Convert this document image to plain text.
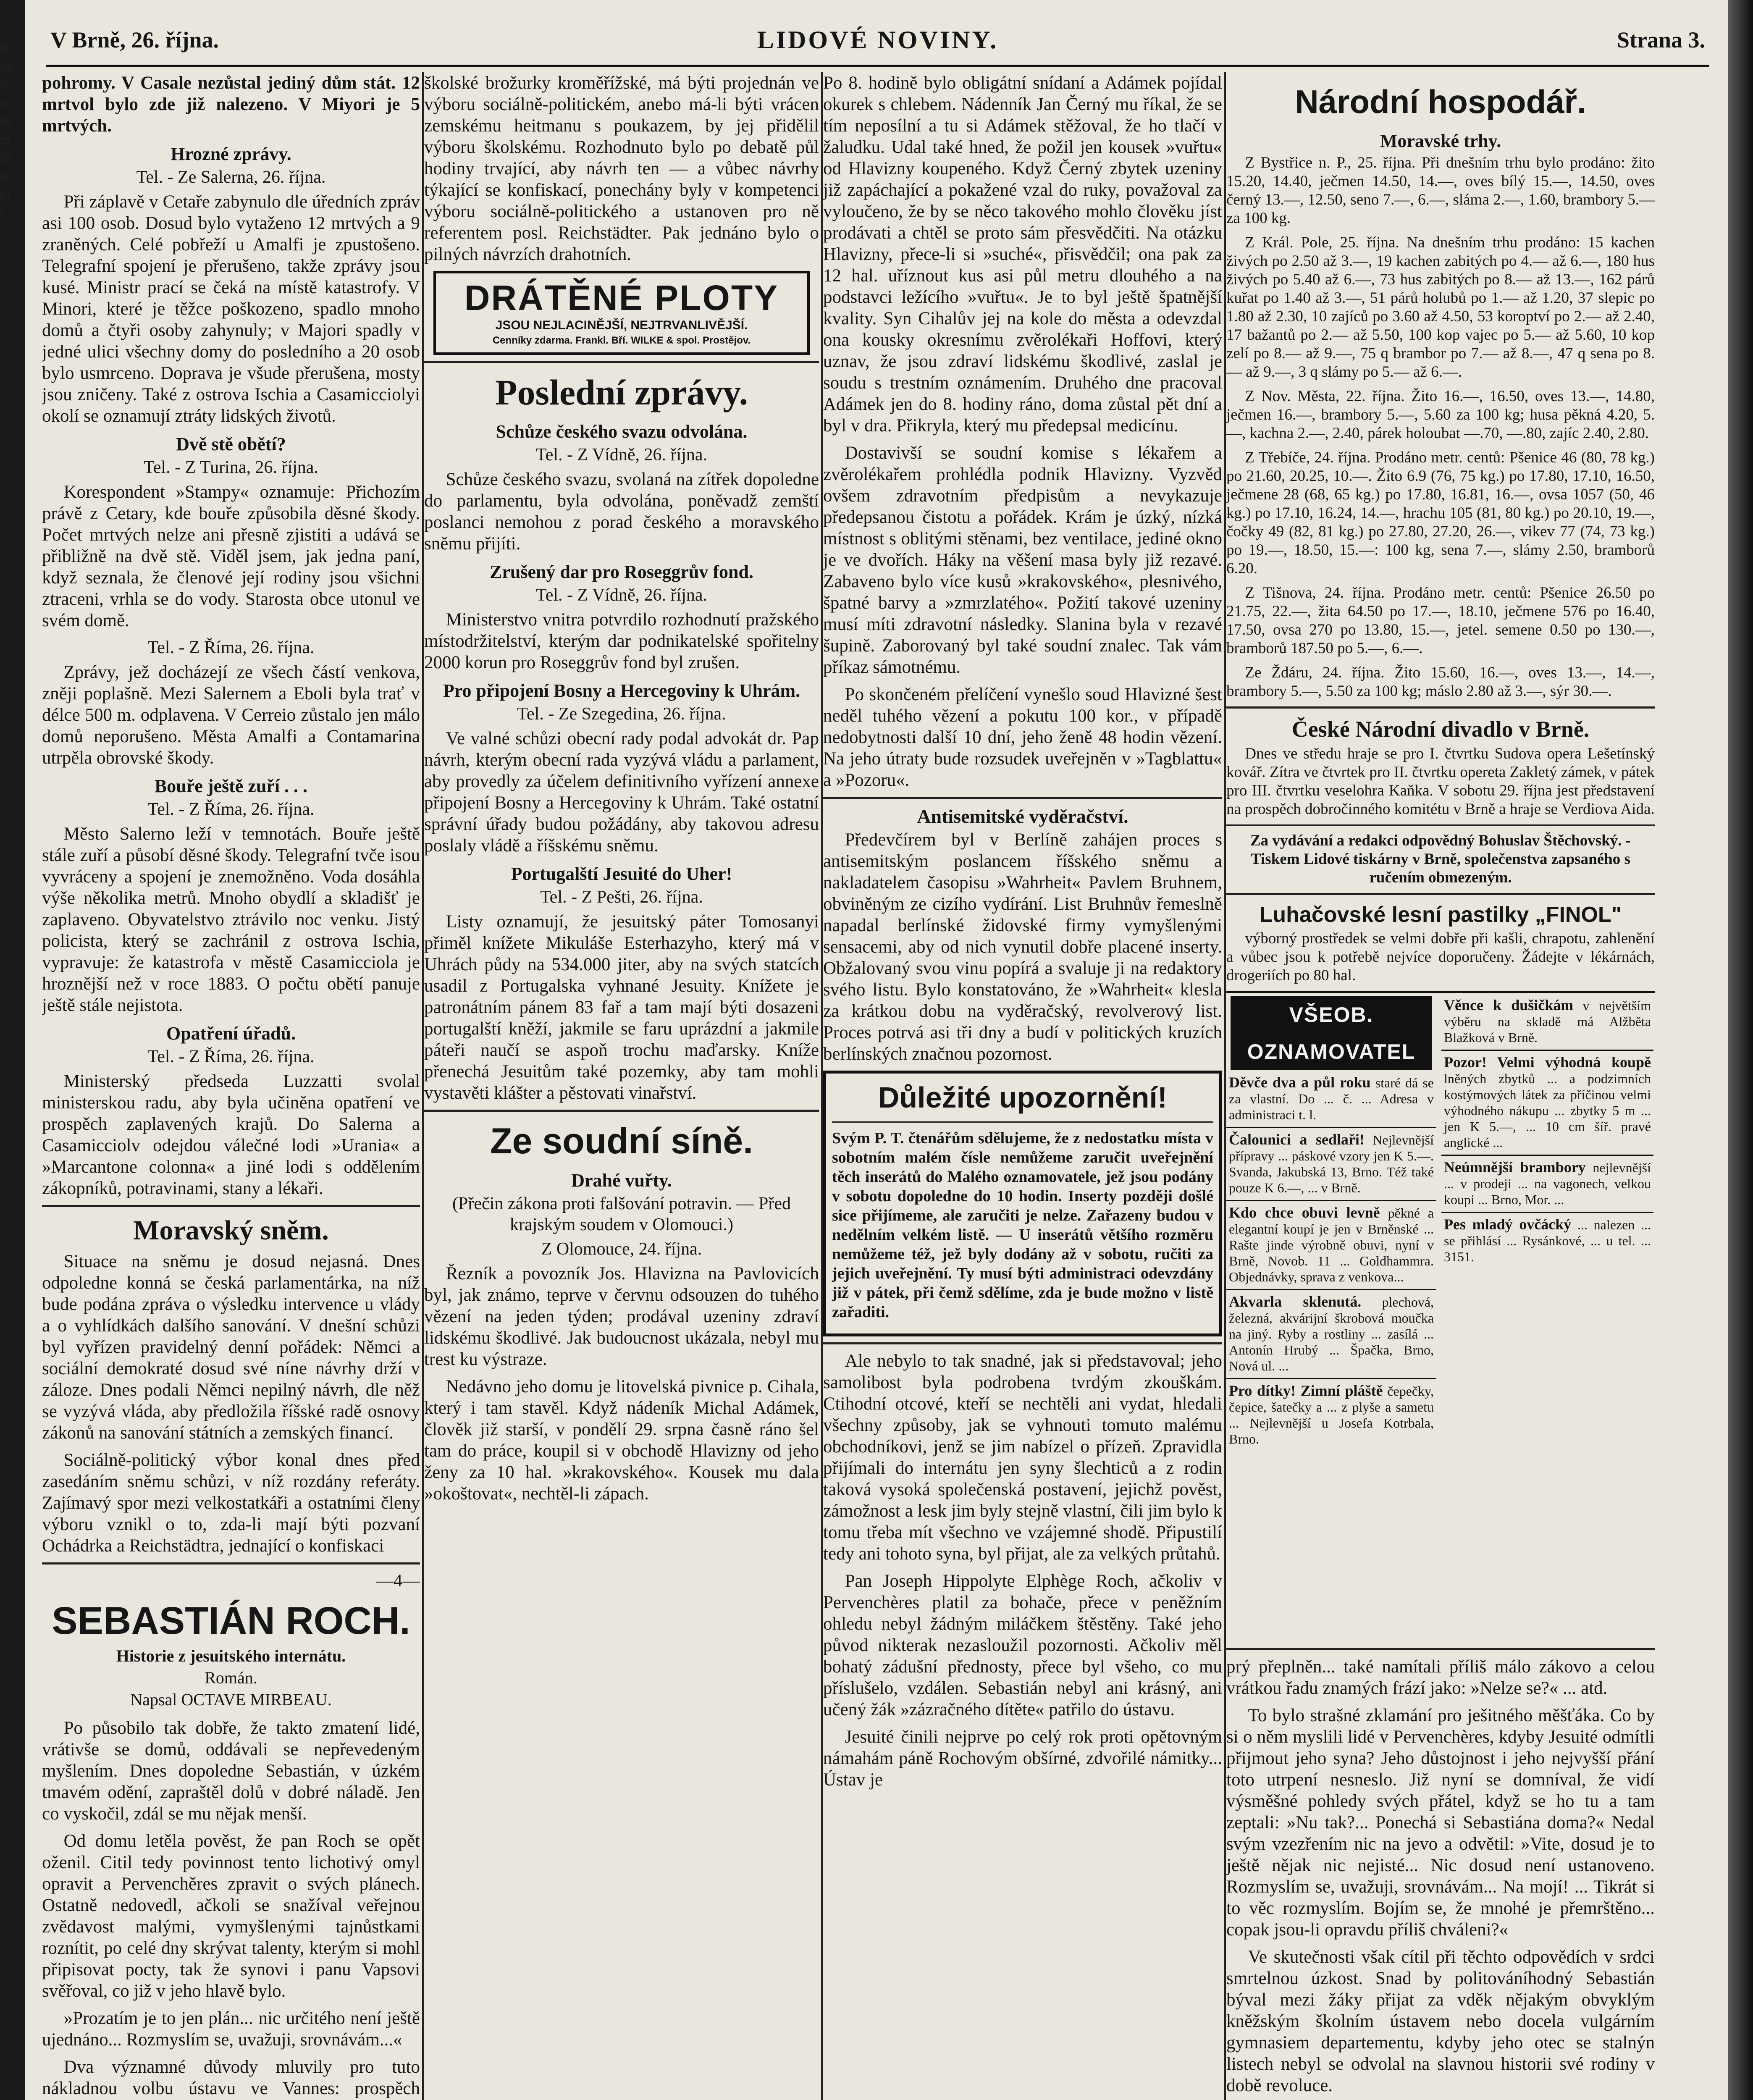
tý
ek
u,
s.
m
rs
le
n
ci
í
V Brně, 26. října.	LIDOVÉ NOVINY.	Strana 3.

pohromy. V Casale nezůstal jediný dům stát. 12 mrtvol bylo zde již nalezeno. V Miyori je 5 mrtvých.

Hrozné zprávy.
Tel. - Ze Salerna, 26. října.

Při záplavě v Cetaře zabynulo dle úředních zpráv asi 100 osob. Dosud bylo vytaženo 12 mrtvých a 9 zraněných. Celé pobřeží u Amalfi je zpustošeno. Telegrafní spojení je přerušeno, takže zprávy jsou kusé. Ministr prací se čeká na místě katastrofy. V Minori, které je těžce poškozeno, spadlo mnoho domů a čtyři osoby zahynuly; v Majori spadly v jedné ulici všechny domy do posledního a 20 osob bylo usmrceno. Doprava je všude přerušena, mosty jsou zničeny. Také z ostrova Ischia a Casamicciolyi okolí se oznamují ztráty lidských životů.

Dvě stě obětí?
Tel. - Z Turina, 26. října.

Korespondent »Stampy« oznamuje: Přichozím právě z Cetary, kde bouře způsobila děsné škody. Počet mrtvých nelze ani přesně zjistiti a udává se přibližně na dvě stě. Viděl jsem, jak jedna paní, když seznala, že členové její rodiny jsou všichni ztraceni, vrhla se do vody. Starosta obce utonul ve svém domě.

Tel. - Z Říma, 26. října.

Zprávy, jež docházejí ze všech částí venkova, zněji poplašně. Mezi Salernem a Eboli byla trať v délce 500 m. odplavena. V Cerreio zůstalo jen málo domů neporušeno. Města Amalfi a Contamarina utrpěla obrovské škody.

Bouře ještě zuří . . .
Tel. - Z Říma, 26. října.

Město Salerno leží v temnotách. Bouře ještě stále zuří a působí děsné škody. Telegrafní tvče isou vyvráceny a spojení je znemožněno. Voda dosáhla výše několika metrů. Mnoho obydlí a skladišť je zaplaveno. Obyvatelstvo ztrávilo noc venku. Jistý policista, který se zachránil z ostrova Ischia, vypravuje: že katastrofa v městě Casamicciola je hroznější než v roce 1883. O počtu obětí panuje ještě stále nejistota.

Opatření úřadů.
Tel. - Z Říma, 26. října.

Ministerský předseda Luzzatti svolal ministerskou radu, aby byla učiněna opatření ve prospěch zaplavených krajů. Do Salerna a Casamicciolv odejdou válečné lodi »Urania« a »Marcantone colonna« a jiné lodi s oddělením zákopníků, potravinami, stany a lékaři.

Moravský sněm.

Situace na sněmu je dosud nejasná. Dnes odpoledne konná se česká parlamentárka, na níž bude podána zpráva o výsledku intervence u vlády a o vyhlídkách dalšího sanování. V dnešní schůzi byl vyřízen pravidelný denní pořádek: Němci a sociální demokraté dosud své níne návrhy drží v záloze. Dnes podali Němci nepilný návrh, dle něž se vyzývá vláda, aby předložila říšské radě osnovy zákonů na sanování státních a zemských financí.

Sociálně-politický výbor konal dnes před zasedáním sněmu schůzi, v níž rozdány referáty. Zajímavý spor mezi velkostatkáři a ostatními členy výboru vznikl o to, zda-li mají býti pozvaní Ochádrka a Reichstädtra, jednající o konfiskaci

—4—
SEBASTIÁN ROCH.
Historie z jesuitského internátu.
Román.
Napsal OCTAVE MIRBEAU.

Po působilo tak dobře, že takto zmatení lidé, vrátivše se domů, oddávali se nepřevedeným myšlením. Dnes dopoledne Sebastián, v úzkém tmavém odění, zapraštěl dolů v dobré náladě. Jen co vyskočil, zdál se mu nějak menší.

Od domu letěla pověst, že pan Roch se opět oženil. Citil tedy povinnost tento lichotivý omyl opravit a Pervenchěres zpravit o svých plánech. Ostatně nedovedl, ačkoli se snažíval veřejnou zvědavost malými, vymyšlenými tajnůstkami roznítit, po celé dny skrývat talenty, kterým si mohl připisovat pocty, tak že synovi i panu Vapsovi svěřoval, co již v jeho hlavě bylo.

»Prozatím je to jen plán... nic určitého není ještě ujednáno... Rozmyslím se, uvažuji, srovnávám...«

Dva významné důvody mluvily pro tuto nákladnou volbu ústavu ve Vannes: prospěch

školské brožurky kroměřížské, má býti projednán ve výboru sociálně-politickém, anebo má-li býti vrácen zemskému heitmanu s poukazem, by jej přidělil výboru školskému. Rozhodnuto bylo po debatě půl hodiny trvající, aby návrh ten — a vůbec návrhy týkající se konfiskací, ponechány byly v kompetenci výboru sociálně-politického a ustanoven pro ně referentem posl. Reichstädter. Pak jednáno bylo o pilných návrzích drahotních.

DRÁTĚNÉ PLOTY
JSOU NEJLACINĚJŠÍ, NEJTRVANLIVĚJŠÍ.
Cenníky zdarma. Frankl. Bří. WILKE & spol. Prostějov.
Poslední zprávy.
Schůze českého svazu odvolána.
Tel. - Z Vídně, 26. října.

Schůze českého svazu, svolaná na zítřek dopoledne do parlamentu, byla odvolána, poněvadž zemští poslanci nemohou z porad českého a moravského sněmu přijíti.

Zrušený dar pro Roseggrův fond.
Tel. - Z Vídně, 26. října.

Ministerstvo vnitra potvrdilo rozhodnutí pražského místodržitelství, kterým dar podnikatelské spořitelny 2000 korun pro Roseggrův fond byl zrušen.

Pro připojení Bosny a Hercegoviny k Uhrám.
Tel. - Ze Szegedina, 26. října.

Ve valné schůzi obecní rady podal advokát dr. Pap návrh, kterým obecní rada vyzývá vládu a parlament, aby provedly za účelem definitivního vyřízení annexe připojení Bosny a Hercegoviny k Uhrám. Také ostatní správní úřady budou požádány, aby takovou adresu poslaly vládě a říšskému sněmu.

Portugalští Jesuité do Uher!
Tel. - Z Pešti, 26. října.

Listy oznamují, že jesuitský páter Tomosanyi přiměl knížete Mikuláše Esterhazyho, který má v Uhrách půdy na 534.000 jiter, aby na svých statcích usadil z Portugalska vyhnané Jesuity. Knížete je patronátním pánem 83 fař a tam mají býti dosazeni portugalští kněží, jakmile se faru uprázdní a jakmile páteři naučí se aspoň trochu maďarsky. Kníže přenechá Jesuitům také pozemky, aby tam mohli vystavěti klášter a pěstovati vinařství.

Ze soudní síně.
Drahé vuřty.
(Přečin zákona proti falšování potravin. — Před krajským soudem v Olomouci.)
Z Olomouce, 24. října.

Řezník a povozník Jos. Hlavizna na Pavlovicích byl, jak známo, teprve v červnu odsouzen do tuhého vězení na jeden týden; prodával uzeniny zdraví lidskému škodlivé. Jak budoucnost ukázala, nebyl mu trest ku výstraze.

Nedávno jeho domu je litovelská pivnice p. Cihala, který i tam stavěl. Když nádeník Michal Adámek, člověk již starší, v pondělí 29. srpna časně ráno šel tam do práce, koupil si v obchodě Hlavizny od jeho ženy za 10 hal. »krakovského«. Kousek mu dala »okoštovat«, nechtěl-li zápach.

Po 8. hodině bylo obligátní snídaní a Adámek pojídal okurek s chlebem. Nádenník Jan Černý mu říkal, že se tím neposílní a tu si Adámek stěžoval, že ho tlačí v žaludku. Udal také hned, že požil jen kousek »vuřtu« od Hlavizny koupeného. Když Černý zbytek uzeniny již zapáchající a pokažené vzal do ruky, považoval za vyloučeno, že by se něco takového mohlo člověku jíst prodávati a chtěl se proto sám přesvědčiti. Na otázku Hlavizny, přece-li si »suché«, přisvědčil; ona pak za 12 hal. uříznout kus asi půl metru dlouhého a na podstavci ležícího »vuřtu«. Je to byl ještě špatnější kvality. Syn Cihalův jej na kole do města a odevzdal ona kousky okresnímu zvěrolékaři Hoffovi, který uznav, že jsou zdraví lidskému škodlivé, zaslal je soudu s trestním oznámením. Druhého dne pracoval Adámek jen do 8. hodiny ráno, doma zůstal pět dní a byl v dra. Přikryla, který mu předepsal medicínu.

Dostavivší se soudní komise s lékařem a zvěrolékařem prohlédla podnik Hlavizny. Vyzvěd ovšem zdravotním předpisům a nevykazuje předepsanou čistotu a pořádek. Krám je úzký, nízká místnost s oblitými stěnami, bez ventilace, jediné okno je ve dvořích. Háky na věšení masa byly již rezavé. Zabaveno bylo více kusů »krakovského«, plesnivého, špatné barvy a »zmrzlatého«. Požití takové uzeniny musí míti zdravotní následky. Slanina byla v rezavé šupině. Zaborovaný byl také soudní znalec. Tak vám příkaz sámotnému.

Po skončeném přelíčení vynešlo soud Hlavizné šest neděl tuhého vězení a pokutu 100 kor., v případě nedobytnosti další 10 dní, jeho ženě 48 hodin vězení. Na jeho útraty bude rozsudek uveřejněn v »Tagblattu« a »Pozoru«.

Antisemitské vyděračství.

Předevčírem byl v Berlíně zahájen proces s antisemitským poslancem říšského sněmu a nakladatelem časopisu »Wahrheit« Pavlem Bruhnem, obviněným ze cizího vydírání. List Bruhnův řemeslně napadal berlínské židovské firmy vymyšlenými sensacemi, aby od nich vynutil dobře placené inserty. Obžalovaný svou vinu popírá a svaluje ji na redaktory svého listu. Bylo konstatováno, že »Wahrheit« klesla za krátkou dobu na vyděračský, revolverový list. Proces potrvá asi tři dny a budí v politických kruzích berlínských značnou pozornost.

Důležité upozornění!

Svým P. T. čtenářům sdělujeme, že z nedostatku místa v sobotním malém čísle nemůžeme zaručit uveřejnění těch inserátů do Malého oznamovatele, jež jsou podány v sobotu dopoledne do 10 hodin. Inserty později došlé sice přijímeme, ale zaručiti je nelze. Zařazeny budou v nedělním velkém listě. — U inserátů většího rozměru nemůžeme též, jež byly dodány až v sobotu, ručiti za jejich uveřejnění. Ty musí býti administraci odevzdány již v pátek, při čemž sdělíme, zda je bude možno v listě zařaditi.

Ale nebylo to tak snadné, jak si představoval; jeho samolibost byla podrobena tvrdým zkouškám. Ctihodní otcové, kteří se nechtěli ani vydat, hledali všechny způsoby, jak se vyhnouti tomuto malému obchodníkovi, jenž se jim nabízel o přízeň. Zpravidla přijímali do internátu jen syny šlechticů a z rodin taková vysoká společenská postavení, jejichž pověst, zámožnost a lesk jim byly stejně vlastní, čili jim bylo k tomu třeba mít všechno ve vzájemné shodě. Připustilí tedy ani tohoto syna, byl přijat, ale za velkých průtahů.

Pan Joseph Hippolyte Elphège Roch, ačkoliv v Pervenchères platil za bohače, přece v peněžním ohledu nebyl žádným miláčkem štěstěny. Také jeho původ nikterak nezasloužil pozornosti. Ačkoliv měl bohatý zádušní přednosty, přece byl všeho, co mu příslušelo, vzdálen. Sebastián nebyl ani krásný, ani učený žák »zázračného dítěte« patřilo do ústavu.

Jesuité činili nejprve po celý rok proti opětovným námahám páně Rochovým obšírné, zdvořilé námitky... Ústav je

Národní hospodář.
Moravské trhy.

Z Bystřice n. P., 25. října. Při dnešním trhu bylo prodáno: žito 15.20, 14.40, ječmen 14.50, 14.—, oves bílý 15.—, 14.50, oves černý 13.—, 12.50, seno 7.—, 6.—, sláma 2.—, 1.60, brambory 5.— za 100 kg.

Z Král. Pole, 25. října. Na dnešním trhu prodáno: 15 kachen živých po 2.50 až 3.—, 19 kachen zabitých po 4.— až 6.—, 180 hus živých po 5.40 až 6.—, 73 hus zabitých po 8.— až 13.—, 162 párů kuřat po 1.40 až 3.—, 51 párů holubů po 1.— až 1.20, 37 slepic po 1.80 až 2.30, 10 zajíců po 3.60 až 4.50, 53 koroptví po 2.— až 2.40, 17 bažantů po 2.— až 5.50, 100 kop vajec po 5.— až 5.60, 10 kop zelí po 8.— až 9.—, 75 q brambor po 7.— až 8.—, 47 q sena po 8.— až 9.—, 3 q slámy po 5.— až 6.—.

Z Nov. Města, 22. října. Žito 16.—, 16.50, oves 13.—, 14.80, ječmen 16.—, brambory 5.—, 5.60 za 100 kg; husa pěkná 4.20, 5.—, kachna 2.—, 2.40, párek holoubat —.70, —.80, zajíc 2.40, 2.80.

Z Třebíče, 24. října. Prodáno metr. centů: Pšenice 46 (80, 78 kg.) po 21.60, 20.25, 10.—. Žito 6.9 (76, 75 kg.) po 17.80, 17.10, 16.50, ječmene 28 (68, 65 kg.) po 17.80, 16.81, 16.—, ovsa 1057 (50, 46 kg.) po 17.10, 16.24, 14.—, hrachu 105 (81, 80 kg.) po 20.10, 19.—, čočky 49 (82, 81 kg.) po 27.80, 27.20, 26.—, vikev 77 (74, 73 kg.) po 19.—, 18.50, 15.—: 100 kg, sena 7.—, slámy 2.50, bramborů 6.20.

Z Tišnova, 24. října. Prodáno metr. centů: Pšenice 26.50 po 21.75, 22.—, žita 64.50 po 17.—, 18.10, ječmene 576 po 16.40, 17.50, ovsa 270 po 13.80, 15.—, jetel. semene 0.50 po 130.—, bramborů 187.50 po 5.—, 6.—.

Ze Ždáru, 24. října. Žito 15.60, 16.—, oves 13.—, 14.—, brambory 5.—, 5.50 za 100 kg; máslo 2.80 až 3.—, sýr 30.—.

České Národní divadlo v Brně.

Dnes ve středu hraje se pro I. čtvrtku Sudova opera Lešetínský kovář. Zítra ve čtvrtek pro II. čtvrtku opereta Zakletý zámek, v pátek pro III. čtvrtku veselohra Kaňka. V sobotu 29. října jest představení na prospěch dobročinného komitétu v Brně a hraje se Verdiova Aida.

Za vydávání a redakci odpovědný Bohuslav Štěchovský. - Tiskem Lidové tiskárny v Brně, společenstva zapsaného s ručením obmezeným.

Luhačovské lesní pastilky „FINOL"

výborný prostředek se velmi dobře při kašli, chrapotu, zahlenění a vůbec jsou k potřebě nejvíce doporučeny. Žádejte v lékárnách, drogeriích po 80 hal.

VŠEOB. OZNAMOVATEL
Děvče dva a půl roku staré dá se za vlastní. Do ... č. ... Adresa v administraci t. l.
Čalounici a sedlaři! Nejlevnější přípravy ... páskové vzory jen K 5.—. Svanda, Jakubská 13, Brno. Též také pouze K 6.—, ... v Brně.
Kdo chce obuvi levně pěkné a elegantní koupí je jen v Brněnské ... Rašte jinde výrobně obuvi, nyní v Brně, Novob. 11 ... Goldhammra. Objednávky, sprava z venkova...
Akvarla sklenutá. plechová, železná, akvárijní škrobová moučka na jiný. Ryby a rostliny ... zasílá ... Antonín Hrubý ... Špačka, Brno, Nová ul. ...
Pro dítky! Zimní pláště čepečky, čepice, šatečky a ... z plyše a sametu ... Nejlevnější u Josefa Kotrbala, Brno.
Věnce k dušičkám v největším výběru na skladě má Alžběta Blažková v Brně.
Pozor! Velmi výhodná koupě lněných zbytků ... a podzimních kostýmových látek za příčinou velmi výhodného nákupu ... zbytky 5 m ... jen K 5.—, ... 10 cm šíř. pravé anglické ...
Neúmnější brambory nejlevnější ... v prodeji ... na vagonech, velkou koupi ... Brno, Mor. ...
Pes mladý ovčácký ... nalezen ... se přihlásí ... Rysánkové, ... u tel. ... 3151.

prý přeplněn... také namítali příliš málo zákovo a celou vrátkou řadu znamých frází jako: »Nelze se?« ... atd.

To bylo strašné zklamání pro ješitného měšťáka. Co by si o něm myslili lidé v Pervenchères, kdyby Jesuité odmítli přijmout jeho syna? Jeho důstojnost i jeho nejvyšší přání toto utrpení nesneslo. Již nyní se domníval, že vidí výsměšné pohledy svých přátel, když se ho tu a tam zeptali: »Nu tak?... Ponechá si Sebastiána doma?« Nedal svým vzezřením nic na jevo a odvětil: »Vite, dosud je to ještě nějak nic nejisté... Nic dosud není ustanoveno. Rozmyslím se, uvažuji, srovnávám... Na mojí! ... Tikrát si to věc rozmyslím. Bojím se, že mnohé je přemrštěno... copak jsou-li opravdu příliš chváleni?«

Ve skutečnosti však cítil při těchto odpovědích v srdci smrtelnou úzkost. Snad by politováníhodný Sebastián býval mezi žáky přijat za vděk nějakým obvyklým kněžským školním ústavem nebo docela vulgárním gymnasiem departementu, kdyby jeho otec se stalnýn listech nebyl se odvolal na slavnou historii své rodiny v době revoluce.
